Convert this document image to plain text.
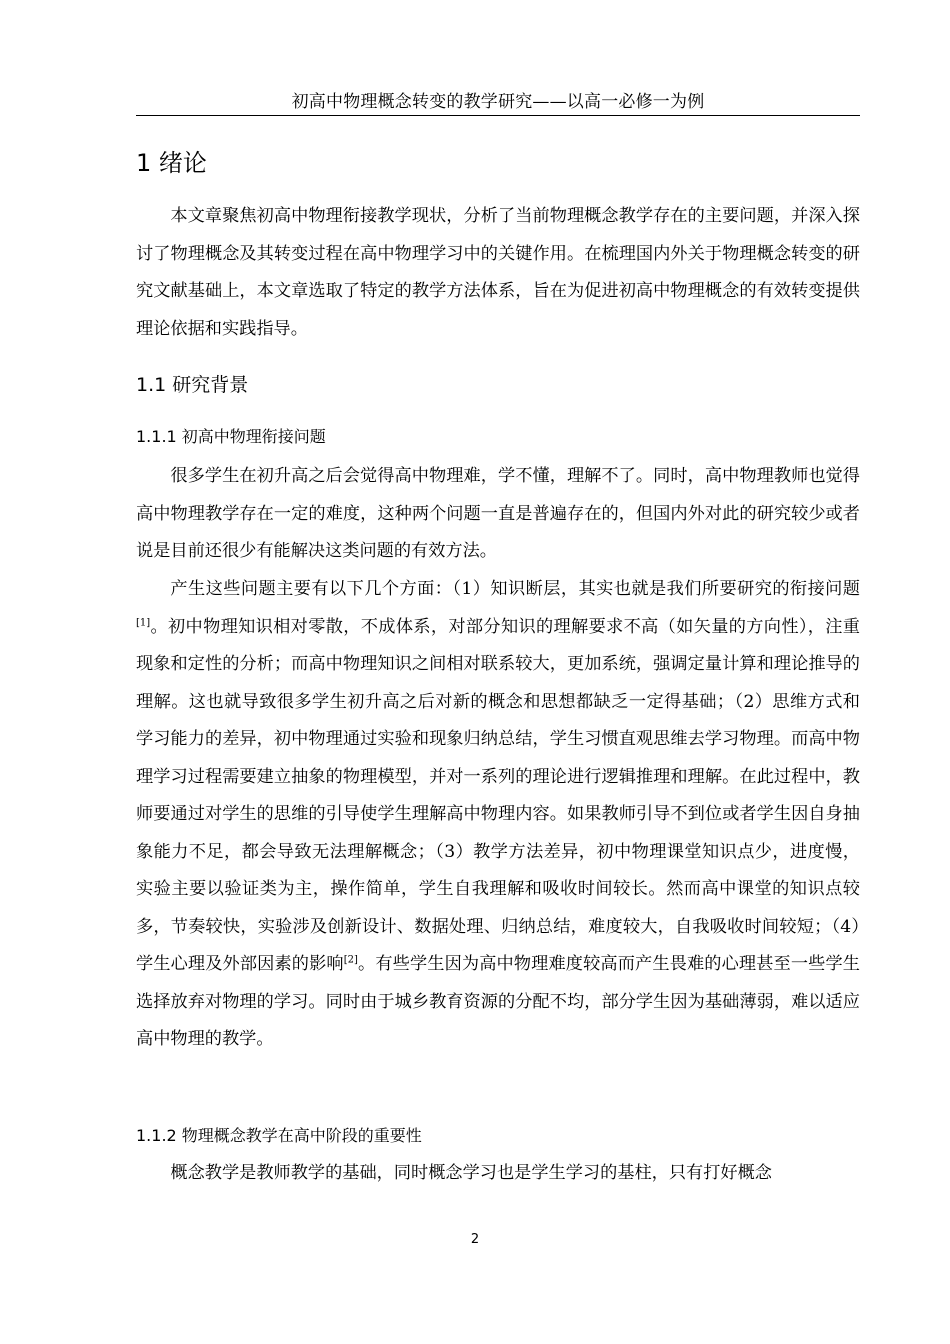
初高中物理概念转变的教学研究——以高一必修一为例
1 绪论

本文章聚焦初高中物理衔接教学现状，分析了当前物理概念教学存在的主要问题，并深入探讨了物理概念及其转变过程在高中物理学习中的关键作用。在梳理国内外关于物理概念转变的研究文献基础上，本文章选取了特定的教学方法体系，旨在为促进初高中物理概念的有效转变提供理论依据和实践指导。

1.1 研究背景
1.1.1 初高中物理衔接问题

很多学生在初升高之后会觉得高中物理难，学不懂，理解不了。同时，高中物理教师也觉得高中物理教学存在一定的难度，这种两个问题一直是普遍存在的，但国内外对此的研究较少或者说是目前还很少有能解决这类问题的有效方法。

产生这些问题主要有以下几个方面：（1）知识断层，其实也就是我们所要研究的衔接问题[1]。初中物理知识相对零散，不成体系，对部分知识的理解要求不高（如矢量的方向性），注重现象和定性的分析；而高中物理知识之间相对联系较大，更加系统，强调定量计算和理论推导的理解。这也就导致很多学生初升高之后对新的概念和思想都缺乏一定得基础；（2）思维方式和学习能力的差异，初中物理通过实验和现象归纳总结，学生习惯直观思维去学习物理。而高中物理学习过程需要建立抽象的物理模型，并对一系列的理论进行逻辑推理和理解。在此过程中，教师要通过对学生的思维的引导使学生理解高中物理内容。如果教师引导不到位或者学生因自身抽象能力不足，都会导致无法理解概念；（3）教学方法差异，初中物理课堂知识点少，进度慢，实验主要以验证类为主，操作简单，学生自我理解和吸收时间较长。然而高中课堂的知识点较多，节奏较快，实验涉及创新设计、数据处理、归纳总结，难度较大，自我吸收时间较短；（4）学生心理及外部因素的影响[2]。有些学生因为高中物理难度较高而产生畏难的心理甚至一些学生选择放弃对物理的学习。同时由于城乡教育资源的分配不均，部分学生因为基础薄弱，难以适应高中物理的教学。

1.1.2 物理概念教学在高中阶段的重要性

概念教学是教师教学的基础，同时概念学习也是学生学习的基柱，只有打好概念

2
